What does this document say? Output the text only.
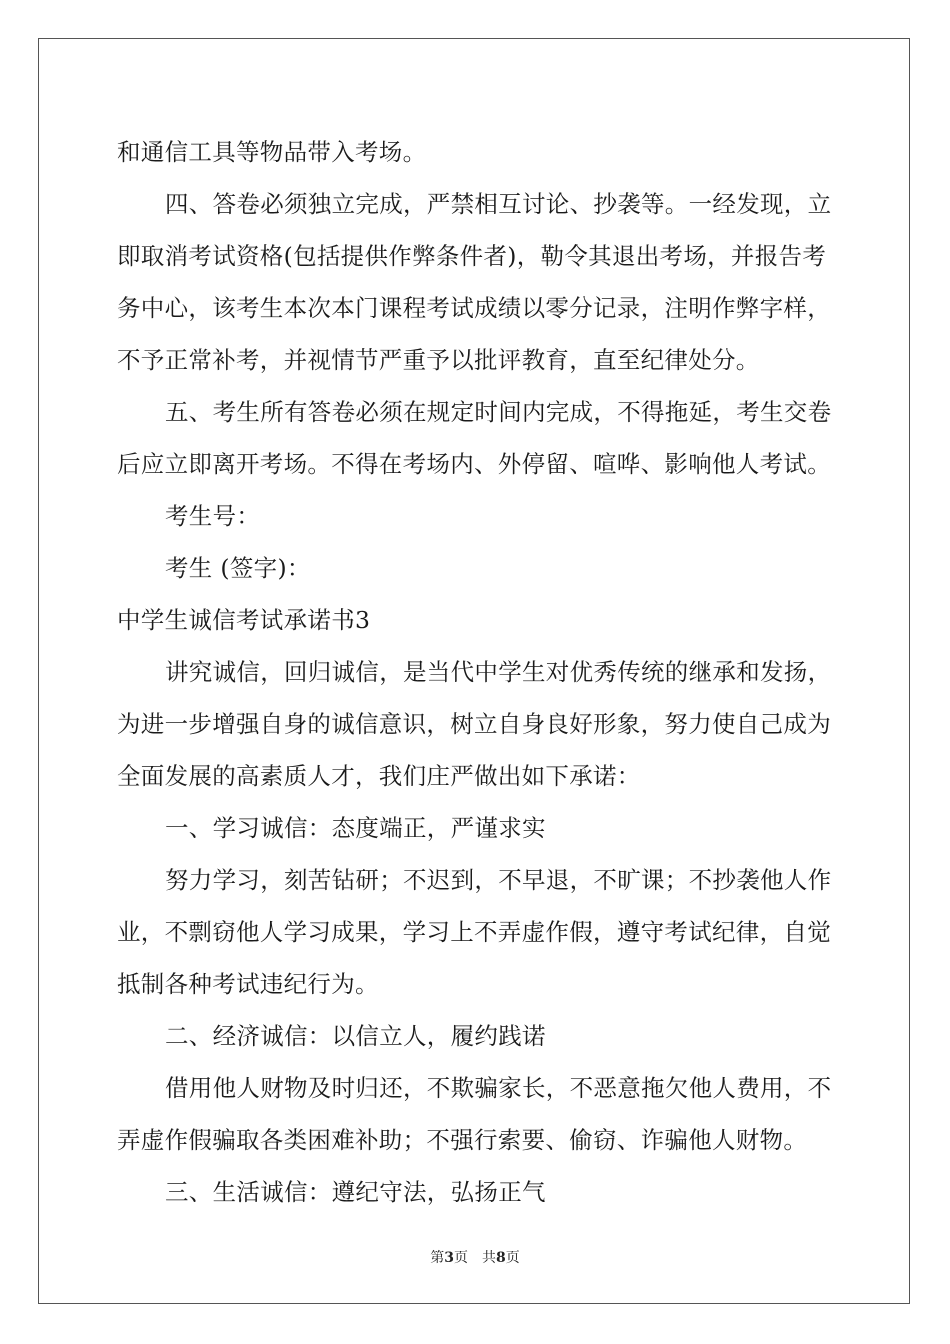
和通信工具等物品带入考场。
四、答卷必须独立完成，严禁相互讨论、抄袭等。一经发现，立
即取消考试资格(包括提供作弊条件者)，勒令其退出考场，并报告考
务中心，该考生本次本门课程考试成绩以零分记录，注明作弊字样，
不予正常补考，并视情节严重予以批评教育，直至纪律处分。
五、考生所有答卷必须在规定时间内完成，不得拖延，考生交卷
后应立即离开考场。不得在考场内、外停留、喧哗、影响他人考试。
考生号：
考生 (签字)：
中学生诚信考试承诺书3
讲究诚信，回归诚信，是当代中学生对优秀传统的继承和发扬，
为进一步增强自身的诚信意识，树立自身良好形象，努力使自己成为
全面发展的高素质人才，我们庄严做出如下承诺：
一、学习诚信：态度端正，严谨求实
努力学习，刻苦钻研；不迟到，不早退，不旷课；不抄袭他人作
业，不剽窃他人学习成果，学习上不弄虚作假，遵守考试纪律，自觉
抵制各种考试违纪行为。
二、经济诚信：以信立人，履约践诺
借用他人财物及时归还，不欺骗家长，不恶意拖欠他人费用，不
弄虚作假骗取各类困难补助；不强行索要、偷窃、诈骗他人财物。
三、生活诚信：遵纪守法，弘扬正气
第3页 共8页
